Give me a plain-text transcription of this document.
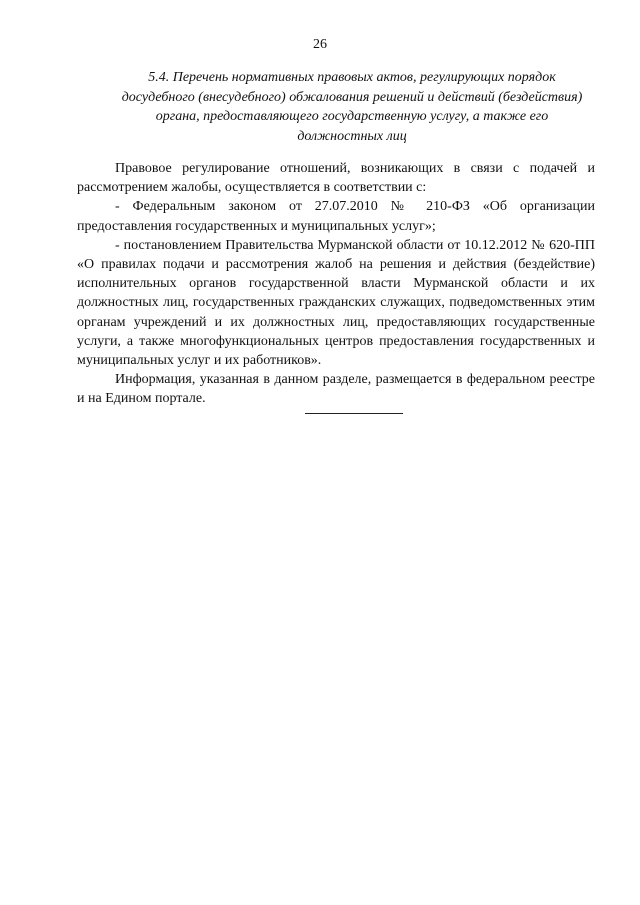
26
5.4. Перечень нормативных правовых актов, регулирующих порядок
досудебного (внесудебного) обжалования решений и действий (бездействия)
органа, предоставляющего государственную услугу, а также его
должностных лиц

Правовое регулирование отношений, возникающих в связи с подачей и рассмотрением жалобы, осуществляется в соответствии с:

- Федеральным законом от 27.07.2010 № 210-ФЗ «Об организации предоставления государственных и муниципальных услуг»;

- постановлением Правительства Мурманской области от 10.12.2012 № 620-ПП «О правилах подачи и рассмотрения жалоб на решения и действия (бездействие) исполнительных органов государственной власти Мурманской области и их должностных лиц, государственных гражданских служащих, подведомственных этим органам учреждений и их должностных лиц, предоставляющих государственные услуги, а также многофункциональных центров предоставления государственных и муниципальных услуг и их работников».

Информация, указанная в данном разделе, размещается в федеральном реестре и на Едином портале.
